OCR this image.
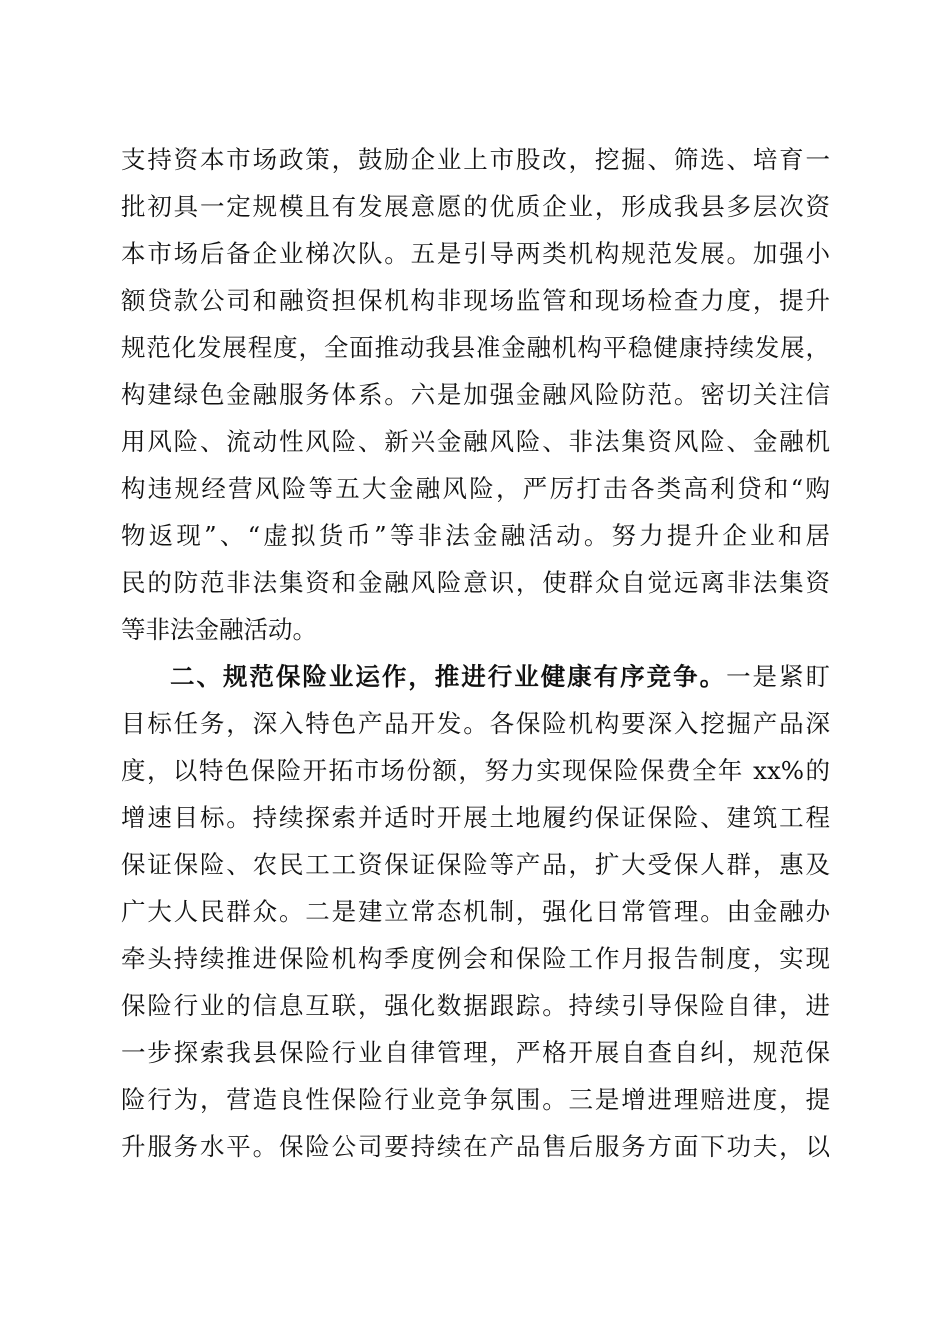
支持资本市场政策，鼓励企业上市股改，挖掘、筛选、培育一
批初具一定规模且有发展意愿的优质企业，形成我县多层次资
本市场后备企业梯次队。五是引导两类机构规范发展。加强小
额贷款公司和融资担保机构非现场监管和现场检查力度，提升
规范化发展程度，全面推动我县准金融机构平稳健康持续发展，
构建绿色金融服务体系。六是加强金融风险防范。密切关注信
用风险、流动性风险、新兴金融风险、非法集资风险、金融机
构违规经营风险等五大金融风险，严厉打击各类高利贷和“购
物返现”、“虚拟货币”等非法金融活动。努力提升企业和居
民的防范非法集资和金融风险意识，使群众自觉远离非法集资
等非法金融活动。
二、规范保险业运作，推进行业健康有序竞争。一是紧盯
目标任务，深入特色产品开发。各保险机构要深入挖掘产品深
度，以特色保险开拓市场份额，努力实现保险保费全年 xx%的
增速目标。持续探索并适时开展土地履约保证保险、建筑工程
保证保险、农民工工资保证保险等产品，扩大受保人群，惠及
广大人民群众。二是建立常态机制，强化日常管理。由金融办
牵头持续推进保险机构季度例会和保险工作月报告制度，实现
保险行业的信息互联，强化数据跟踪。持续引导保险自律，进
一步探索我县保险行业自律管理，严格开展自查自纠，规范保
险行为，营造良性保险行业竞争氛围。三是增进理赔进度，提
升服务水平。保险公司要持续在产品售后服务方面下功夫，以
